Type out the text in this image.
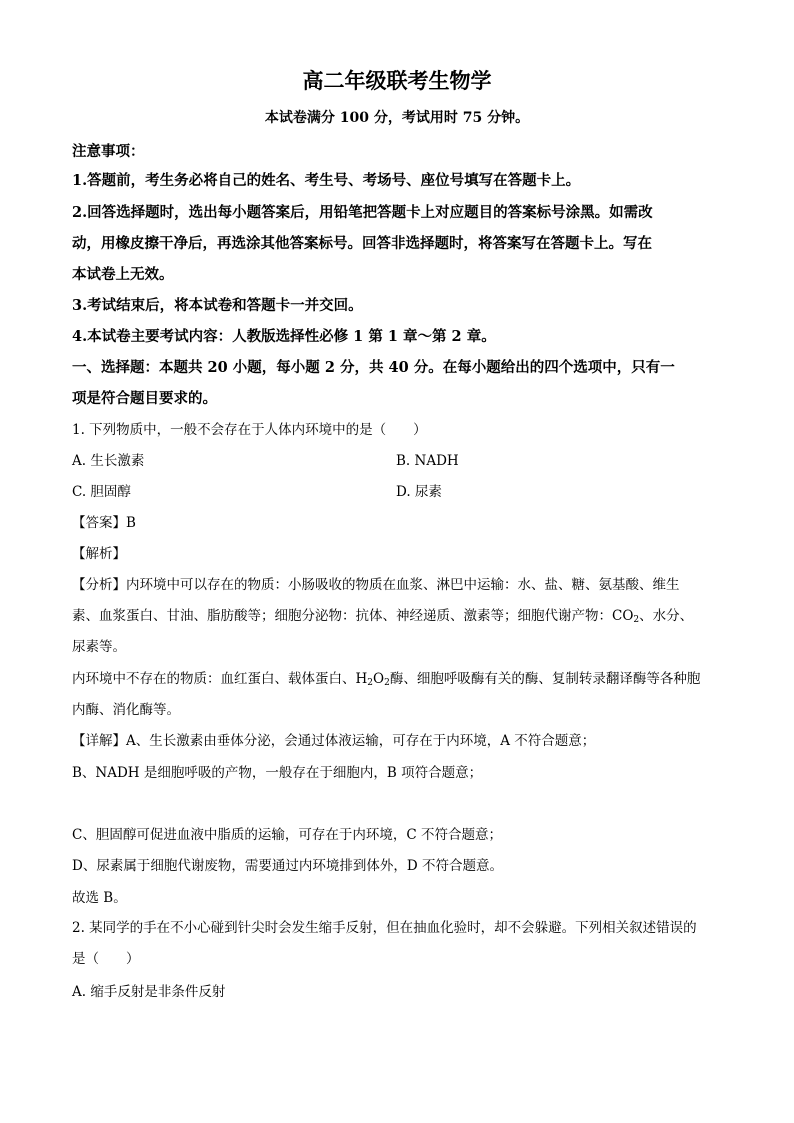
高二年级联考生物学
本试卷满分 100 分，考试用时 75 分钟。
注意事项：
1.答题前，考生务必将自己的姓名、考生号、考场号、座位号填写在答题卡上。
2.回答选择题时，选出每小题答案后，用铅笔把答题卡上对应题目的答案标号涂黑。如需改
动，用橡皮擦干净后，再选涂其他答案标号。回答非选择题时，将答案写在答题卡上。写在
本试卷上无效。
3.考试结束后，将本试卷和答题卡一并交回。
4.本试卷主要考试内容：人教版选择性必修 1 第 1 章～第 2 章。
一、选择题：本题共 20 小题，每小题 2 分，共 40 分。在每小题给出的四个选项中，只有一
项是符合题目要求的。
1. 下列物质中，一般不会存在于人体内环境中的是（　　）
A. 生长激素	B. NADH
C. 胆固醇	D. 尿素
【答案】B
【解析】
【分析】内环境中可以存在的物质：小肠吸收的物质在血浆、淋巴中运输：水、盐、糖、氨基酸、维生
素、血浆蛋白、甘油、脂肪酸等；细胞分泌物：抗体、神经递质、激素等；细胞代谢产物：$CO_2$、水分、
尿素等。
内环境中不存在的物质：血红蛋白、载体蛋白、$H_2O_2$酶、细胞呼吸酶有关的酶、复制转录翻译酶等各种胞
内酶、消化酶等。
【详解】A、生长激素由垂体分泌，会通过体液运输，可存在于内环境，A 不符合题意；
B、NADH 是细胞呼吸的产物，一般存在于细胞内，B 项符合题意；
C、胆固醇可促进血液中脂质的运输，可存在于内环境，C 不符合题意；
D、尿素属于细胞代谢废物，需要通过内环境排到体外，D 不符合题意。
故选 B。
2. 某同学的手在不小心碰到针尖时会发生缩手反射，但在抽血化验时，却不会躲避。下列相关叙述错误的
是（　　）
A. 缩手反射是非条件反射
